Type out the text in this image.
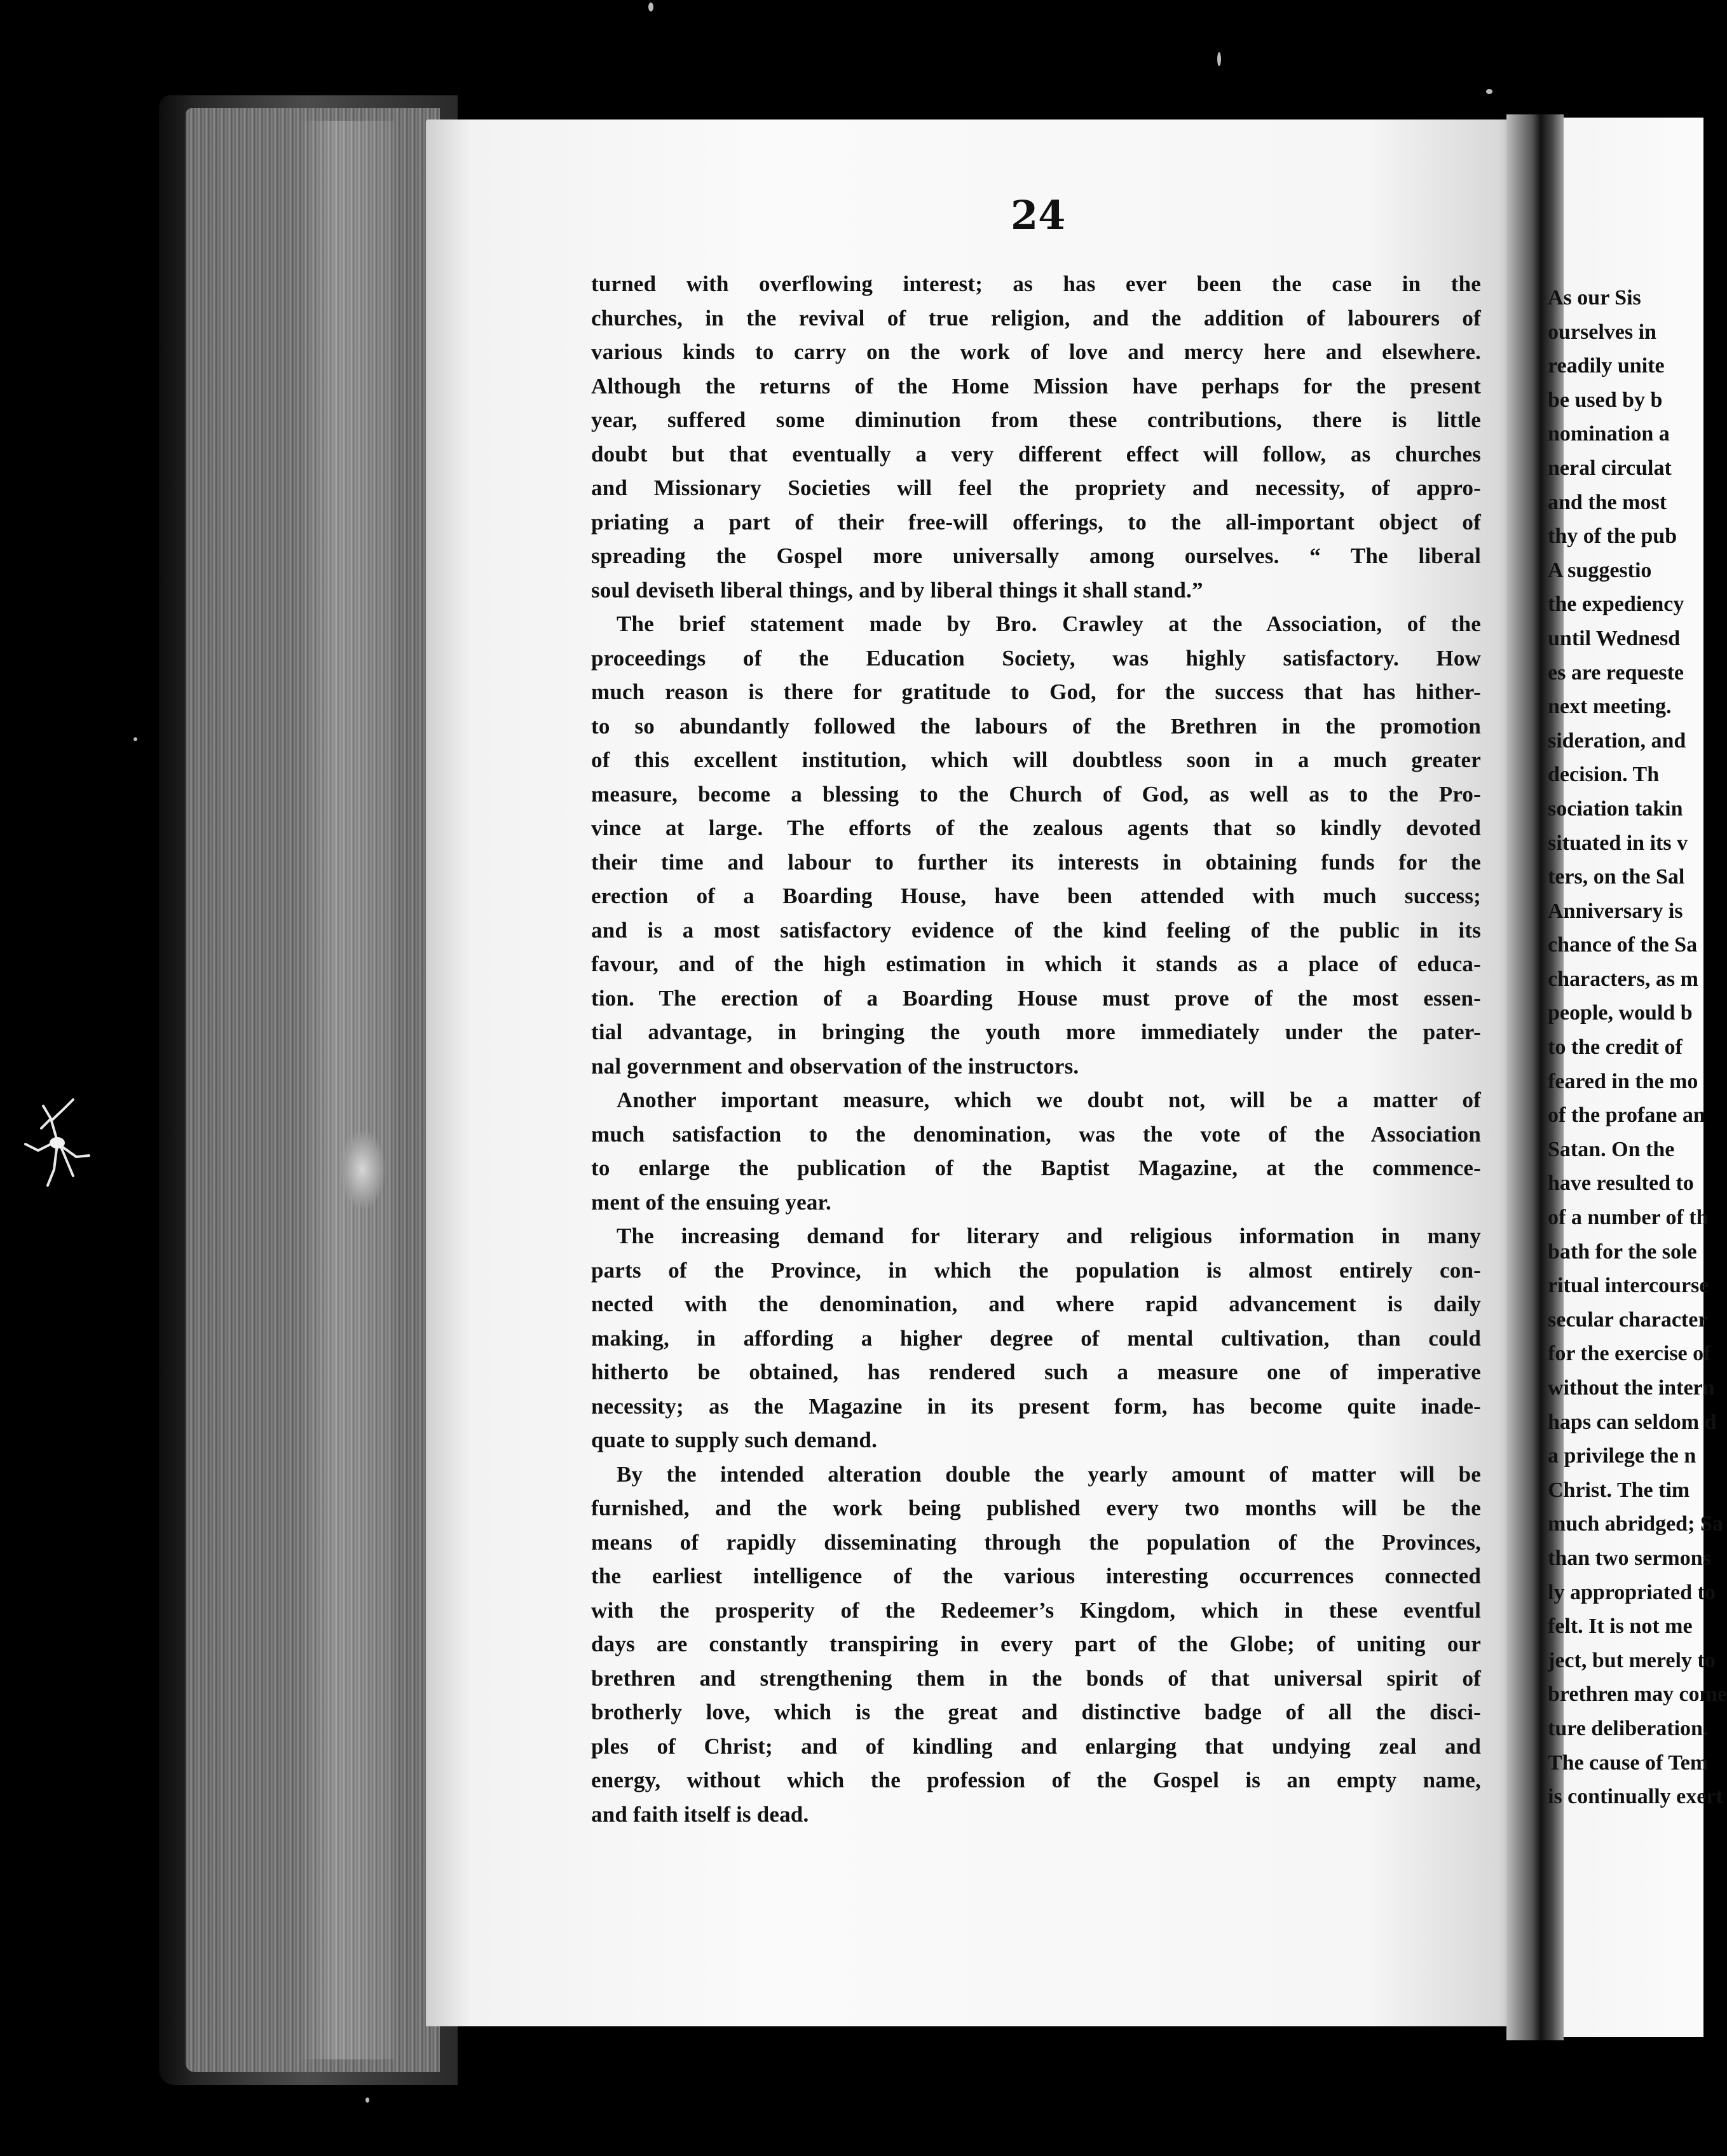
24
turned with overflowing interest; as has ever been the case in the
churches, in the revival of true religion, and the addition of labourers of
various kinds to carry on the work of love and mercy here and elsewhere.
Although the returns of the Home Mission have perhaps for the present
year, suffered some diminution from these contributions, there is little
doubt but that eventually a very different effect will follow, as churches
and Missionary Societies will feel the propriety and necessity, of appro-
priating a part of their free-will offerings, to the all-important object of
spreading the Gospel more universally among ourselves. “ The liberal
soul deviseth liberal things, and by liberal things it shall stand.”
The brief statement made by Bro. Crawley at the Association, of the
proceedings of the Education Society, was highly satisfactory. How
much reason is there for gratitude to God, for the success that has hither-
to so abundantly followed the labours of the Brethren in the promotion
of this excellent institution, which will doubtless soon in a much greater
measure, become a blessing to the Church of God, as well as to the Pro-
vince at large. The efforts of the zealous agents that so kindly devoted
their time and labour to further its interests in obtaining funds for the
erection of a Boarding House, have been attended with much success;
and is a most satisfactory evidence of the kind feeling of the public in its
favour, and of the high estimation in which it stands as a place of educa-
tion. The erection of a Boarding House must prove of the most essen-
tial advantage, in bringing the youth more immediately under the pater-
nal government and observation of the instructors.
Another important measure, which we doubt not, will be a matter of
much satisfaction to the denomination, was the vote of the Association
to enlarge the publication of the Baptist Magazine, at the commence-
ment of the ensuing year.
The increasing demand for literary and religious information in many
parts of the Province, in which the population is almost entirely con-
nected with the denomination, and where rapid advancement is daily
making, in affording a higher degree of mental cultivation, than could
hitherto be obtained, has rendered such a measure one of imperative
necessity; as the Magazine in its present form, has become quite inade-
quate to supply such demand.
By the intended alteration double the yearly amount of matter will be
furnished, and the work being published every two months will be the
means of rapidly disseminating through the population of the Provinces,
the earliest intelligence of the various interesting occurrences connected
with the prosperity of the Redeemer’s Kingdom, which in these eventful
days are constantly transpiring in every part of the Globe; of uniting our
brethren and strengthening them in the bonds of that universal spirit of
brotherly love, which is the great and distinctive badge of all the disci-
ples of Christ; and of kindling and enlarging that undying zeal and
energy, without which the profession of the Gospel is an empty name,
and faith itself is dead.
As our Sis
ourselves in
readily unite
be used by b
nomination a
neral circulat
and the most
thy of the pub
A suggestio
the expediency
until Wednesd
es are requeste
next meeting.
sideration, and
decision. Th
sociation takin
situated in its v
ters, on the Sal
Anniversary is
chance of the Sa
characters, as m
people, would b
to the credit of
feared in the mo
of the profane an
Satan. On the
have resulted to
of a number of th
bath for the sole
ritual intercourse
secular character
for the exercise of
without the intern
haps can seldom d
a privilege the n
Christ. The tim
much abridged; Sa
than two sermons
ly appropriated to
felt. It is not me
ject, but merely to
brethren may come
ture deliberation.
The cause of Tem
is continually exert
